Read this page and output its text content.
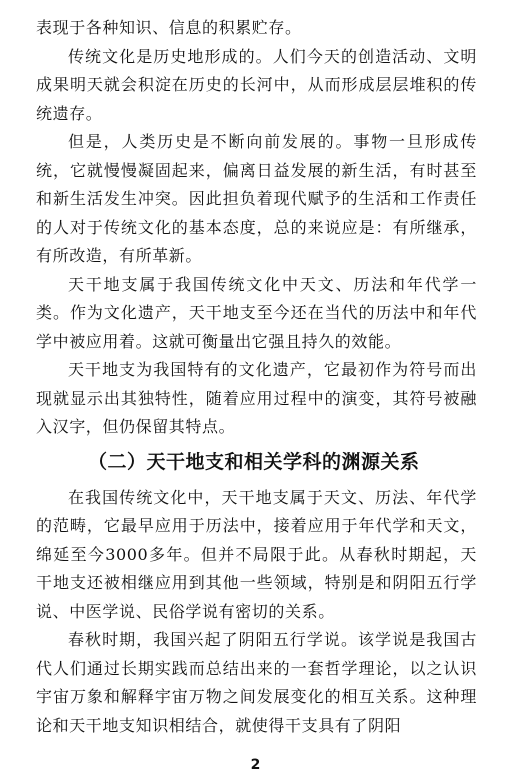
表现于各种知识、信息的积累贮存。

传统文化是历史地形成的。人们今天的创造活动、文明成果明天就会积淀在历史的长河中，从而形成层层堆积的传统遗存。

但是，人类历史是不断向前发展的。事物一旦形成传统，它就慢慢凝固起来，偏离日益发展的新生活，有时甚至和新生活发生冲突。因此担负着现代赋予的生活和工作责任的人对于传统文化的基本态度，总的来说应是：有所继承，有所改造，有所革新。

天干地支属于我国传统文化中天文、历法和年代学一类。作为文化遗产，天干地支至今还在当代的历法中和年代学中被应用着。这就可衡量出它强且持久的效能。

天干地支为我国特有的文化遗产，它最初作为符号而出现就显示出其独特性，随着应用过程中的演变，其符号被融入汉字，但仍保留其特点。

（二）天干地支和相关学科的渊源关系

在我国传统文化中，天干地支属于天文、历法、年代学的范畴，它最早应用于历法中，接着应用于年代学和天文，绵延至今3000多年。但并不局限于此。从春秋时期起，天干地支还被相继应用到其他一些领域，特别是和阴阳五行学说、中医学说、民俗学说有密切的关系。

春秋时期，我国兴起了阴阳五行学说。该学说是我国古代人们通过长期实践而总结出来的一套哲学理论，以之认识宇宙万象和解释宇宙万物之间发展变化的相互关系。这种理论和天干地支知识相结合，就使得干支具有了阴阳

2
